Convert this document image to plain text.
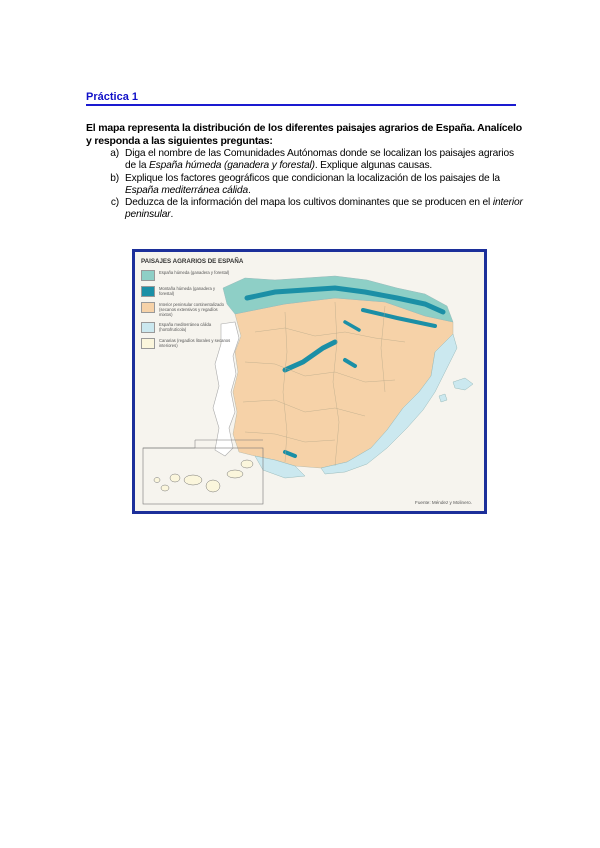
Práctica 1
El mapa representa la distribución de los diferentes paisajes agrarios de España. Analícelo y responda a las siguientes preguntas:
a) Diga el nombre de las Comunidades Autónomas donde se localizan los paisajes agrarios de la España húmeda (ganadera y forestal). Explique algunas causas.
b) Explique los factores geográficos que condicionan la localización de los paisajes de la España mediterránea cálida.
c) Deduzca de la información del mapa los cultivos dominantes que se producen en el interior peninsular.
PAISAJES AGRARIOS DE ESPAÑA
España húmeda (ganadera y forestal)
Montaña húmeda (ganadera y forestal)
Interior peninsular continentalizado (secanos extensivos y regadíos mixtos)
España mediterránea cálida (hortofrutícola)
Canarias (regadíos litorales y secanos interiores)
Fuente: Méndez y Molinero.
